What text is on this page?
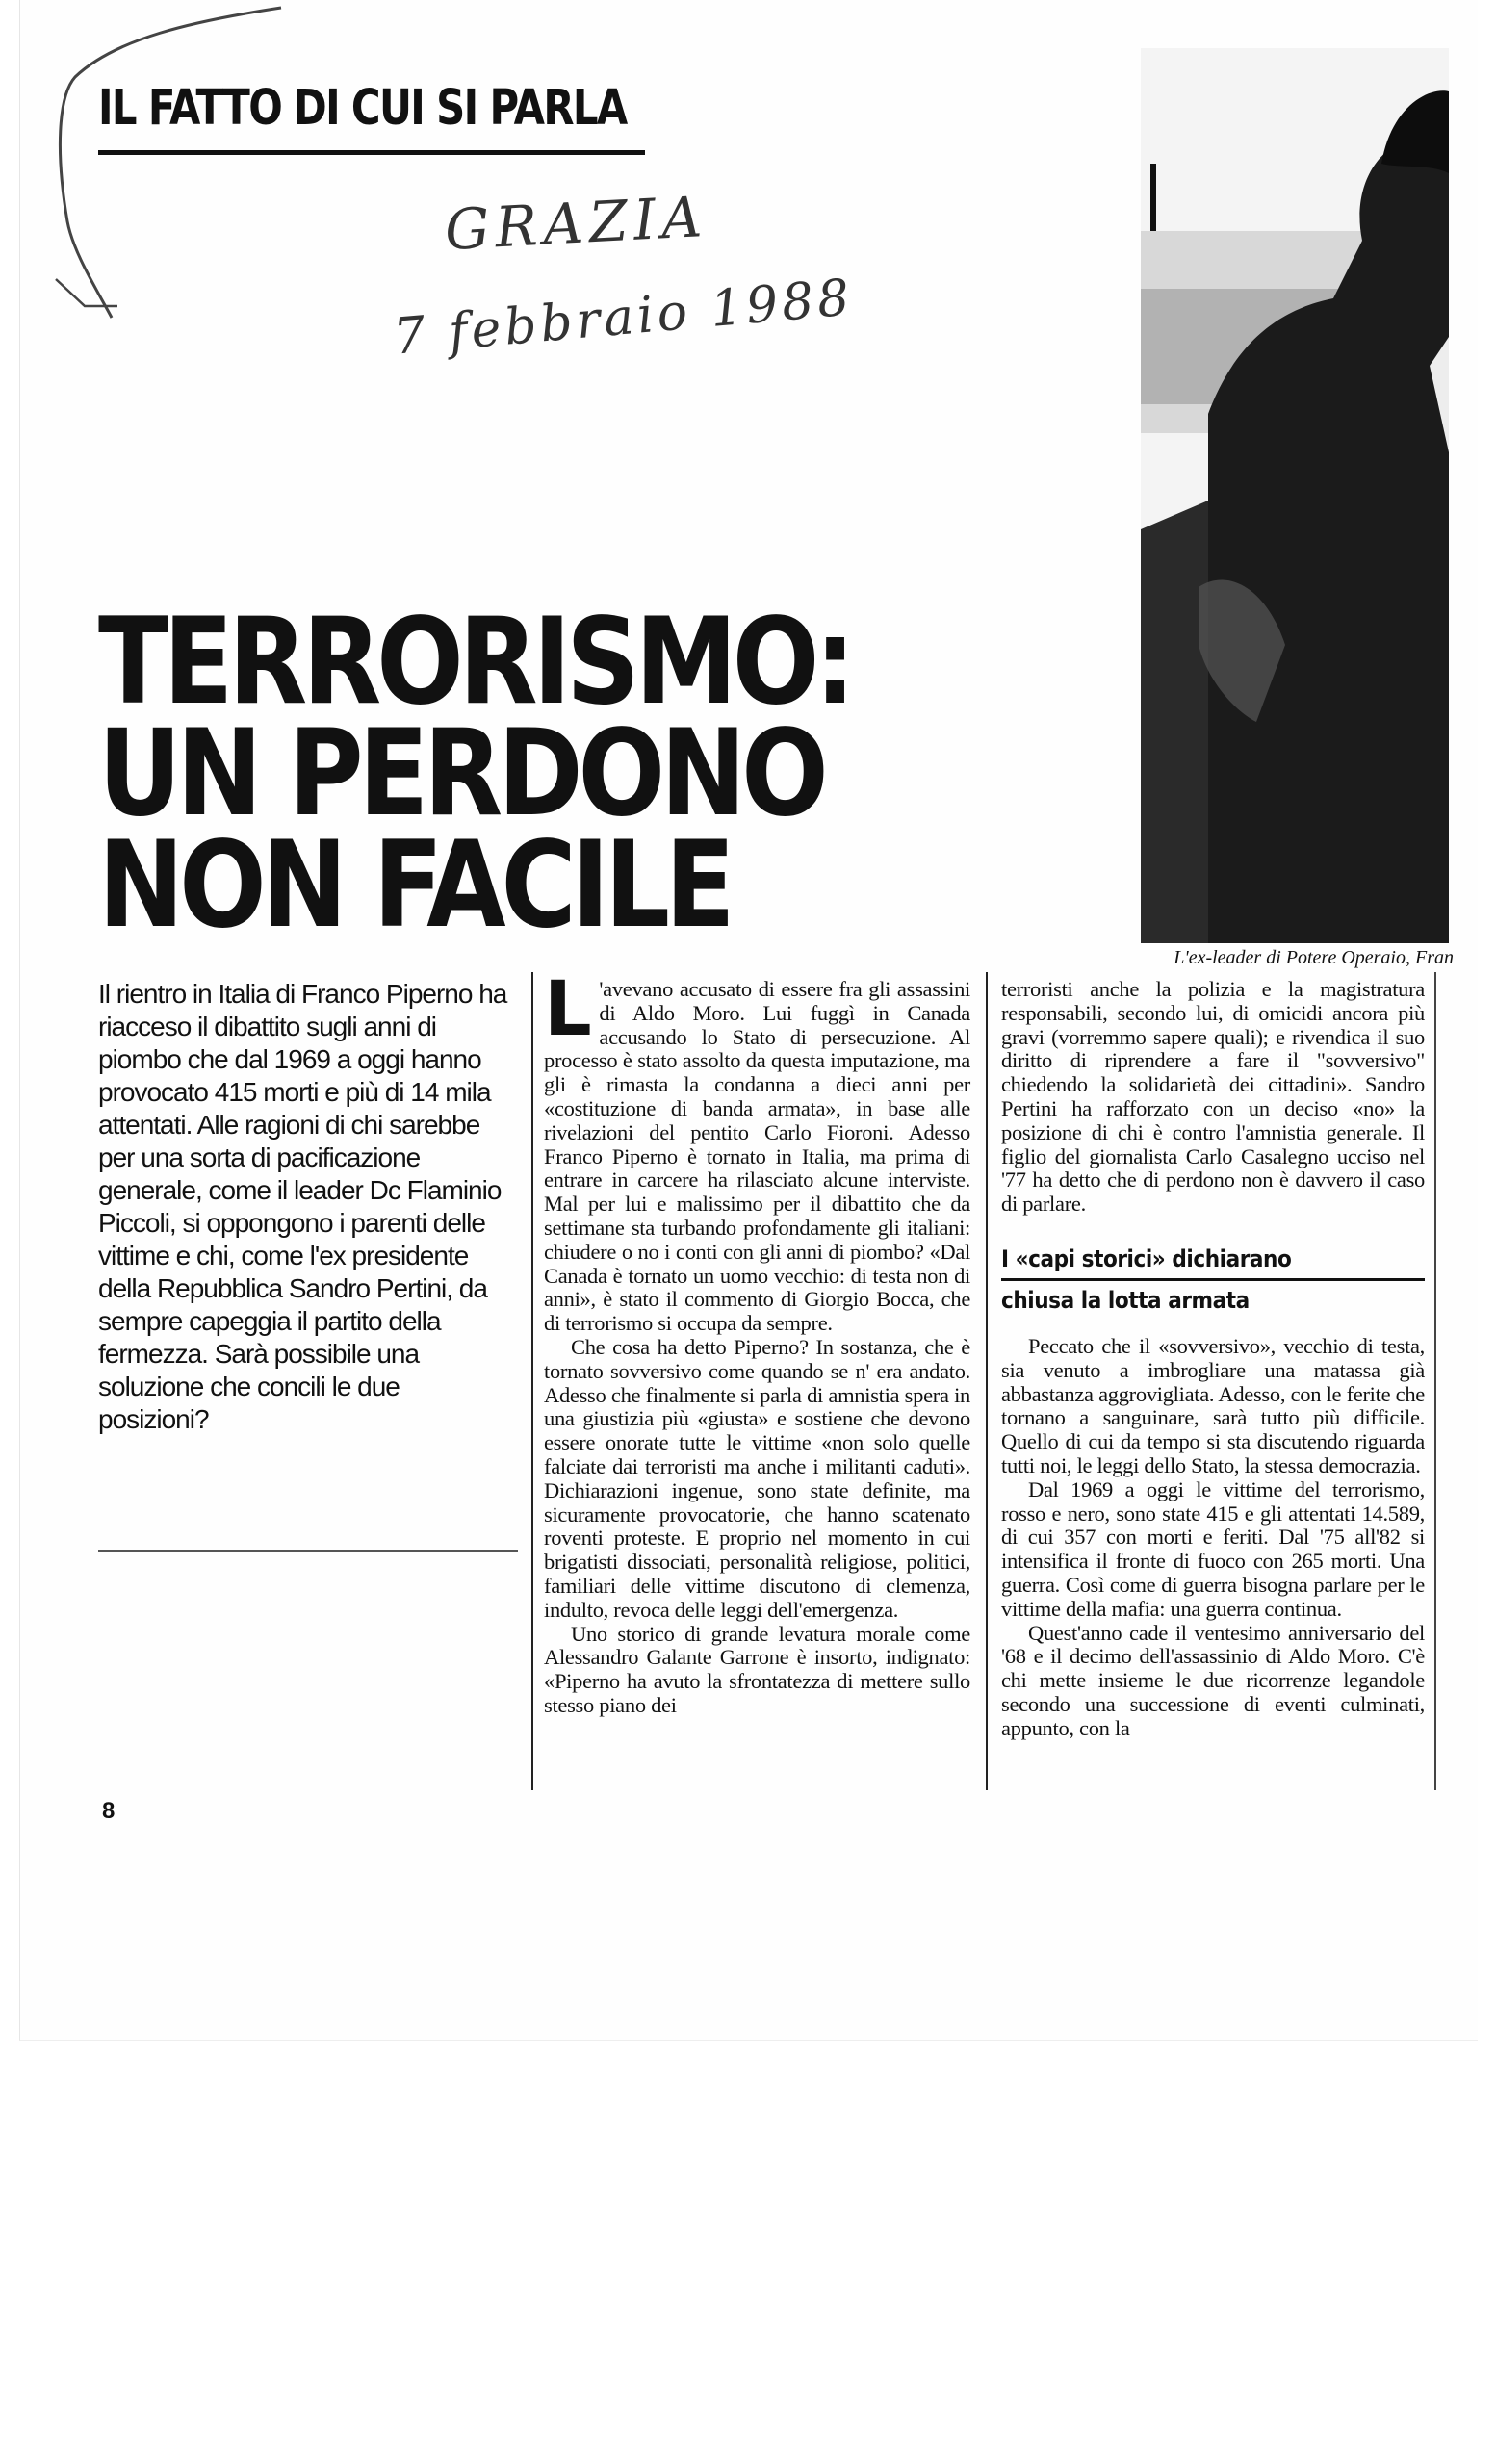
IL FATTO DI CUI SI PARLA
GRAZIA
7 febbraio 1988
TERRORISMO:
UN PERDONO
NON FACILE
L'ex-leader di Potere Operaio, Fran
Il rientro in Italia di Franco Piperno ha riacceso il dibattito sugli anni di piombo che dal 1969 a oggi hanno provocato 415 morti e più di 14 mila attentati. Alle ragioni di chi sarebbe per una sorta di pacificazione generale, come il leader Dc Flaminio Piccoli, si oppongono i parenti delle vittime e chi, come l'ex presidente della Repubblica Sandro Pertini, da sempre capeggia il partito della fermezza. Sarà possibile una soluzione che concili le due posizioni?
8

L 'avevano accusato di essere fra gli assassini di Aldo Moro. Lui fuggì in Canada accusando lo Stato di persecuzione. Al processo è stato assolto da questa imputazione, ma gli è rimasta la condanna a dieci anni per «costituzione di banda armata», in base alle rivelazioni del pentito Carlo Fioroni. Adesso Franco Piperno è tornato in Italia, ma prima di entrare in carcere ha rilasciato alcune interviste. Mal per lui e malissimo per il dibattito che da settimane sta turbando profondamente gli italiani: chiudere o no i conti con gli anni di piombo? «Dal Canada è tornato un uomo vecchio: di testa non di anni», è stato il commento di Giorgio Bocca, che di terrorismo si occupa da sempre.

Che cosa ha detto Piperno? In sostanza, che è tornato sovversivo come quando se n' era andato. Adesso che finalmente si parla di amnistia spera in una giustizia più «giusta» e sostiene che devono essere onorate tutte le vittime «non solo quelle falciate dai terroristi ma anche i militanti caduti». Dichiarazioni ingenue, sono state definite, ma sicuramente provocatorie, che hanno scatenato roventi proteste. E proprio nel momento in cui brigatisti dissociati, personalità religiose, politici, familiari delle vittime discutono di clemenza, indulto, revoca delle leggi dell'emergenza.

Uno storico di grande levatura morale come Alessandro Galante Garrone è insorto, indignato: «Piperno ha avuto la sfrontatezza di mettere sullo stesso piano dei

terroristi anche la polizia e la magistratura responsabili, secondo lui, di omicidi ancora più gravi (vorremmo sapere quali); e rivendica il suo diritto di riprendere a fare il "sovversivo" chiedendo la solidarietà dei cittadini». Sandro Pertini ha rafforzato con un deciso «no» la posizione di chi è contro l'amnistia generale. Il figlio del giornalista Carlo Casalegno ucciso nel '77 ha detto che di perdono non è davvero il caso di parlare.

I «capi storici» dichiarano
chiusa la lotta armata

Peccato che il «sovversivo», vecchio di testa, sia venuto a imbrogliare una matassa già abbastanza aggrovigliata. Adesso, con le ferite che tornano a sanguinare, sarà tutto più difficile. Quello di cui da tempo si sta discutendo riguarda tutti noi, le leggi dello Stato, la stessa democrazia.

Dal 1969 a oggi le vittime del terrorismo, rosso e nero, sono state 415 e gli attentati 14.589, di cui 357 con morti e feriti. Dal '75 all'82 si intensifica il fronte di fuoco con 265 morti. Una guerra. Così come di guerra bisogna parlare per le vittime della mafia: una guerra continua.

Quest'anno cade il ventesimo anniversario del '68 e il decimo dell'assassinio di Aldo Moro. C'è chi mette insieme le due ricorrenze legandole secondo una successione di eventi culminati, appunto, con la
